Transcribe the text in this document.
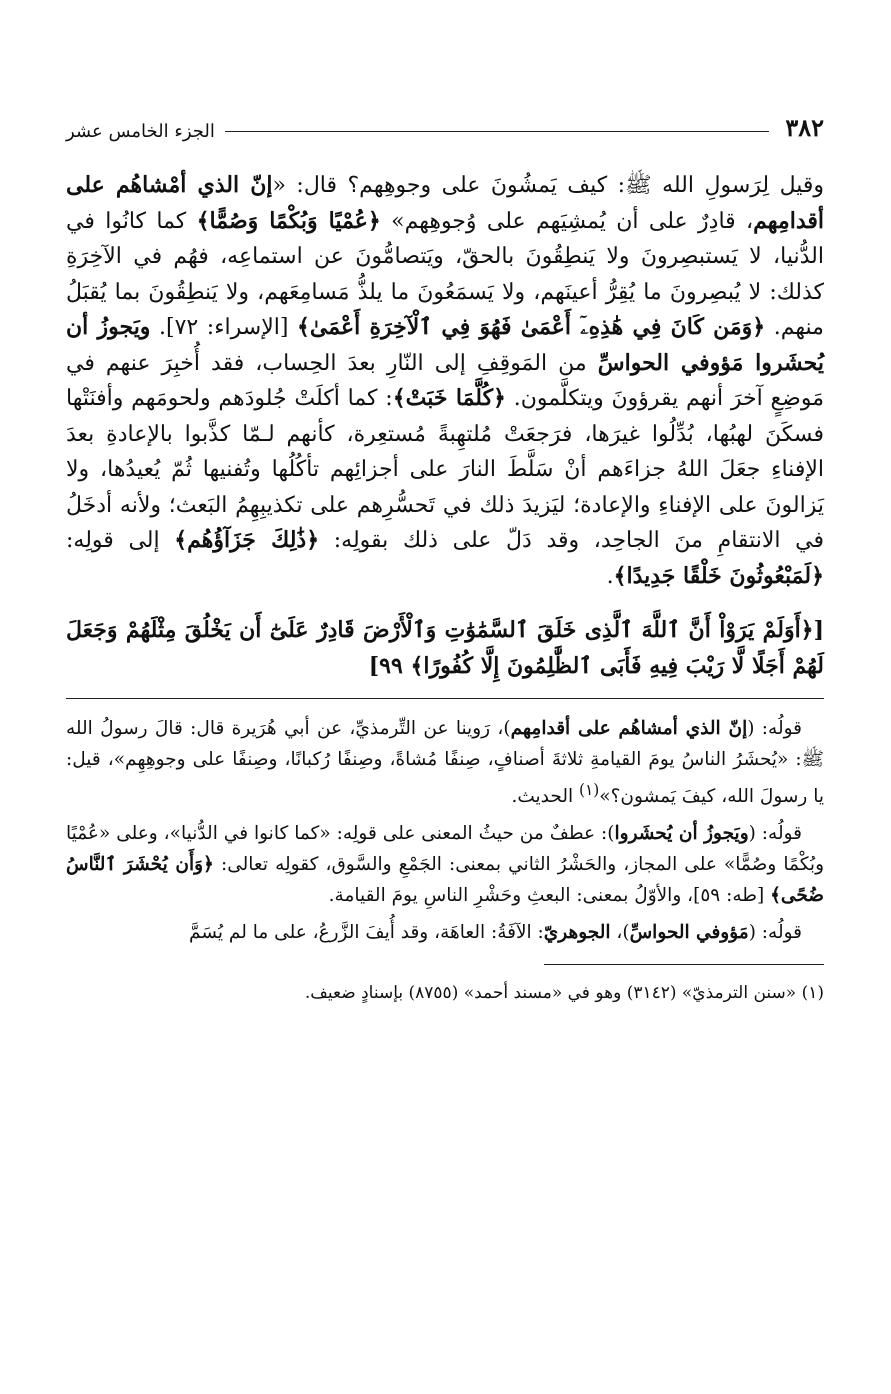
٣٨٢
الجزء الخامس عشر

وقيل لِرَسولِ الله ﷺ: كيف يَمشُونَ على وجوهِهم؟ قال: «إنّ الذي أمْشاهُم على أقدامِهم، قادِرٌ على أن يُمشِيَهم على وُجوهِهم» ﴿عُمْيًا وَبُكْمًا وَصُمًّا﴾ كما كانُوا في الدُّنيا، لا يَستبصِرونَ ولا يَنطِقُونَ بالحقّ، ويَتصامُّونَ عن استماعِه، فهُم في الآخِرَةِ كذلك: لا يُبصِرونَ ما يُقِرُّ أعينَهم، ولا يَسمَعُونَ ما يلذُّ مَسامِعَهم، ولا يَنطِقُونَ بما يُقبَلُ منهم. ﴿وَمَن كَانَ فِي هَٰذِهِۦٓ أَعْمَىٰ فَهُوَ فِي ٱلْآخِرَةِ أَعْمَىٰ﴾ [الإسراء: ٧٢]. ويَجوزُ أن يُحشَروا مَؤوفي الحواسِّ من المَوقِفِ إلى النّارِ بعدَ الحِساب، فقد أُخبِرَ عنهم في مَوضِعٍ آخرَ أنهم يقرؤونَ ويتكلَّمون. ﴿كُلَّمَا خَبَتْ﴾: كما أكلَتْ جُلودَهم ولحومَهم وأفنَتْها فسكَنَ لهبُها، بُدِّلُوا غيرَها، فرَجعَتْ مُلتهِبةً مُستعِرة، كأنهم لـمّا كذَّبوا بالإعادةِ بعدَ الإفناءِ جعَلَ اللهُ جزاءَهم أنْ سَلَّطَ النارَ على أجزائِهم تأكُلُها وتُفنيها ثُمّ يُعيدُها، ولا يَزالونَ على الإفناءِ والإعادة؛ ليَزيدَ ذلك في تَحسُّرِهم على تكذيبِهِمُ البَعث؛ ولأنه أدخَلُ في الانتقامِ منَ الجاحِد، وقد دَلّ على ذلك بقولِه: ﴿ذَٰلِكَ جَزَآؤُهُم﴾ إلى قولِه: ﴿لَمَبْعُوثُونَ خَلْقًا جَدِيدًا﴾.

[﴿أَوَلَمْ يَرَوْاْ أَنَّ ٱللَّهَ ٱلَّذِى خَلَقَ ٱلسَّمَٰوَٰتِ وَٱلْأَرْضَ قَادِرٌ عَلَىٰٓ أَن يَخْلُقَ مِثْلَهُمْ وَجَعَلَ لَهُمْ أَجَلًا لَّا رَيْبَ فِيهِ فَأَبَى ٱلظَّٰلِمُونَ إِلَّا كُفُورًا﴾ ٩٩]

قولُه: (إنّ الذي أمشاهُم على أقدامِهم)، رَوينا عن التِّرمذيِّ، عن أبي هُرَيرة قال: قالَ رسولُ الله ﷺ: «يُحشَرُ الناسُ يومَ القيامةِ ثلاثةَ أصنافٍ، صِنفًا مُشاةً، وصِنفًا رُكبانًا، وصِنفًا على وجوهِهِم»، قيل: يا رسولَ الله، كيفَ يَمشون؟»$^{(١)}$ الحديث.

قولُه: (ويَجوزُ أن يُحشَروا): عطفٌ من حيثُ المعنى على قولِه: «كما كانوا في الدُّنيا»، وعلى «عُمْيًا وبُكْمًا وصُمًّا» على المجاز، والحَشْرُ الثاني بمعنى: الجَمْعِ والسَّوق، كقولِه تعالى: ﴿وَأَن يُحْشَرَ ٱلنَّاسُ ضُحًى﴾ [طه: ٥٩]، والأوّلُ بمعنى: البعثِ وحَشْرِ الناسِ يومَ القيامة.

قولُه: (مَؤوفي الحواسِّ)، الجوهريّ: الآفَةُ: العاهَة، وقد أُيفَ الزَّرعُ، على ما لم يُسَمَّ

(١) «سنن الترمذيّ» (٣١٤٢) وهو في «مسند أحمد» (٨٧٥٥) بإسنادٍ ضعيف.
